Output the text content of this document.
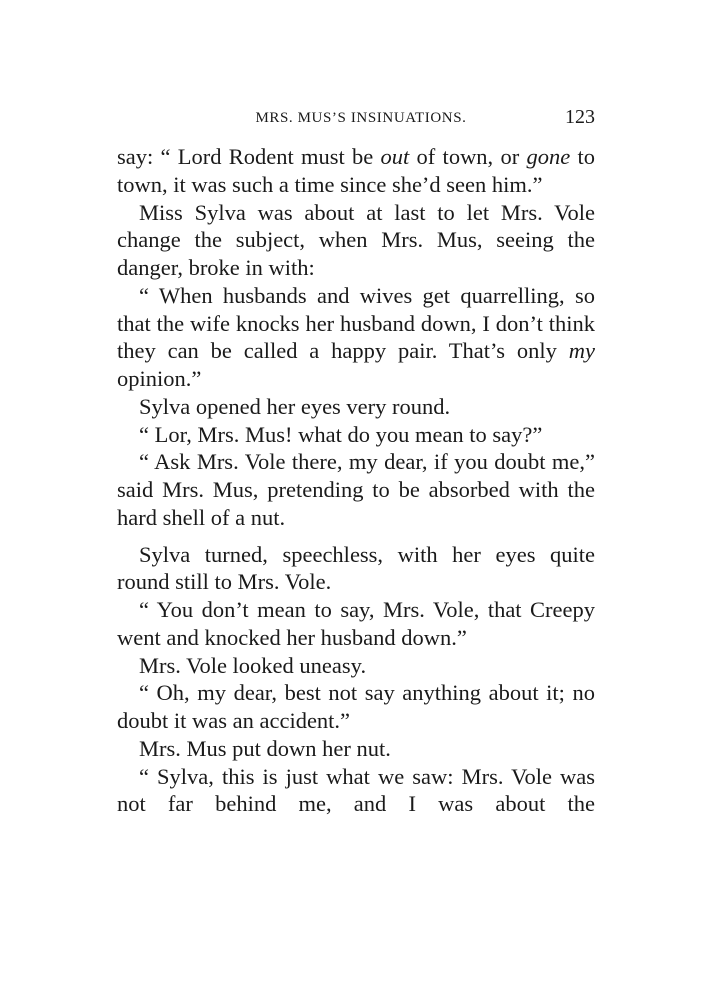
MRS. MUS’S INSINUATIONS.	123

say: “ Lord Rodent must be out of town, or gone to town, it was such a time since she’d seen him.”

Miss Sylva was about at last to let Mrs. Vole change the subject, when Mrs. Mus, seeing the danger, broke in with:

“ When husbands and wives get quarrelling, so that the wife knocks her husband down, I don’t think they can be called a happy pair. That’s only my opinion.”

Sylva opened her eyes very round.

“ Lor, Mrs. Mus! what do you mean to say?”

“ Ask Mrs. Vole there, my dear, if you doubt me,” said Mrs. Mus, pretending to be absorbed with the hard shell of a nut.

Sylva turned, speechless, with her eyes quite round still to Mrs. Vole.

“ You don’t mean to say, Mrs. Vole, that Creepy went and knocked her husband down.”

Mrs. Vole looked uneasy.

“ Oh, my dear, best not say anything about it; no doubt it was an accident.”

Mrs. Mus put down her nut.

“ Sylva, this is just what we saw: Mrs. Vole was not far behind me, and I was about the
